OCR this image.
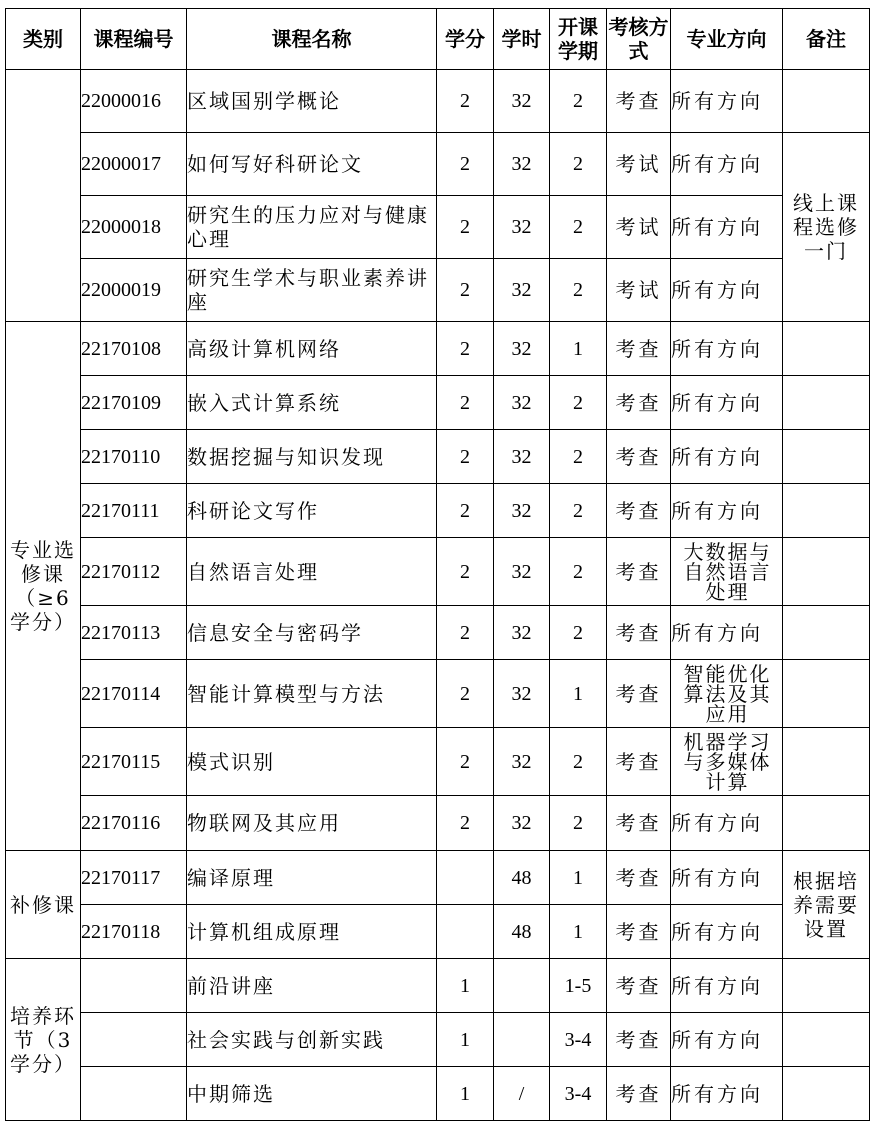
类别	课程编号	课程名称	学分	学时	开课学期	考核方式	专业方向	备注
	22000016	区域国别学概论	2	32	2	考查	所有方向	
	22000017	如何写好科研论文	2	32	2	考试	所有方向	线上课程选修一门
	22000018	研究生的压力应对与健康心理	2	32	2	考试	所有方向	
	22000019	研究生学术与职业素养讲座	2	32	2	考试	所有方向	
专业选修课（≥6学分）	22170108	高级计算机网络	2	32	1	考查	所有方向	
	22170109	嵌入式计算系统	2	32	2	考查	所有方向	
	22170110	数据挖掘与知识发现	2	32	2	考查	所有方向	
	22170111	科研论文写作	2	32	2	考查	所有方向	
	22170112	自然语言处理	2	32	2	考查	大数据与自然语言处理	
	22170113	信息安全与密码学	2	32	2	考查	所有方向	
	22170114	智能计算模型与方法	2	32	1	考查	智能优化算法及其应用	
	22170115	模式识别	2	32	2	考查	机器学习与多媒体计算	
	22170116	物联网及其应用	2	32	2	考查	所有方向	
补修课	22170117	编译原理		48	1	考查	所有方向	根据培养需要设置
	22170118	计算机组成原理		48	1	考查	所有方向	
培养环节（3学分）		前沿讲座	1		1-5	考查	所有方向	
		社会实践与创新实践	1		3-4	考查	所有方向	
		中期筛选	1	/	3-4	考查	所有方向	
